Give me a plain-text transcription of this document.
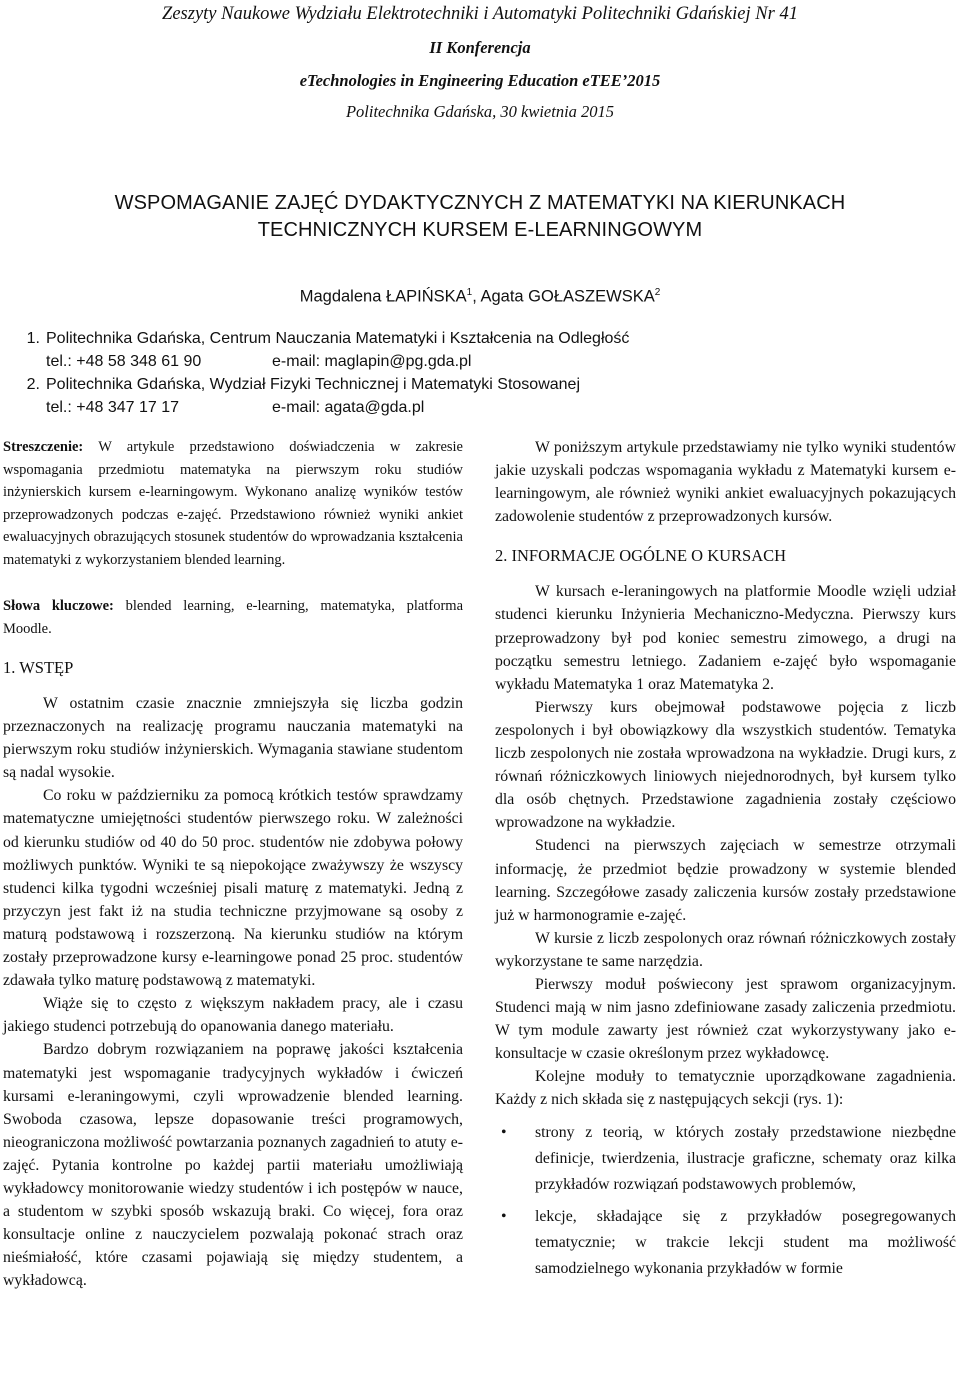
Zeszyty Naukowe Wydziału Elektrotechniki i Automatyki Politechniki Gdańskiej Nr 41
II Konferencja
eTechnologies in Engineering Education eTEE’2015
Politechnika Gdańska, 30 kwietnia 2015
WSPOMAGANIE ZAJĘĆ DYDAKTYCZNYCH Z MATEMATYKI NA KIERUNKACH
TECHNICZNYCH KURSEM E-LEARNINGOWYM
Magdalena ŁAPIŃSKA$^1$, Agata GOŁASZEWSKA$^2$
1. Politechnika Gdańska, Centrum Nauczania Matematyki i Kształcenia na Odległość
tel.: +48 58 348 61 90	e-mail: maglapin@pg.gda.pl
2. Politechnika Gdańska, Wydział Fizyki Technicznej i Matematyki Stosowanej
tel.: +48 347 17 17	e-mail: agata@gda.pl

Streszczenie: W artykule przedstawiono doświadczenia w zakresie wspomagania przedmiotu matematyka na pierwszym roku studiów inżynierskich kursem e-learningowym. Wykonano analizę wyników testów przeprowadzonych podczas e-zajęć. Przedstawiono również wyniki ankiet ewaluacyjnych obrazujących stosunek studentów do wprowadzania kształcenia matematyki z wykorzystaniem blended learning.

Słowa kluczowe: blended learning, e-learning, matematyka, platforma Moodle.

1. WSTĘP

W ostatnim czasie znacznie zmniejszyła się liczba godzin przeznaczonych na realizację programu nauczania matematyki na pierwszym roku studiów inżynierskich. Wymagania stawiane studentom są nadal wysokie.

Co roku w październiku za pomocą krótkich testów sprawdzamy matematyczne umiejętności studentów pierwszego roku. W zależności od kierunku studiów od 40 do 50 proc. studentów nie zdobywa połowy możliwych punktów. Wyniki te są niepokojące zważywszy że wszyscy studenci kilka tygodni wcześniej pisali maturę z matematyki. Jedną z przyczyn jest fakt iż na studia techniczne przyjmowane są osoby z maturą podstawową i rozszerzoną. Na kierunku studiów na którym zostały przeprowadzone kursy e-learningowe ponad 25 proc. studentów zdawała tylko maturę podstawową z matematyki.

Wiąże się to często z większym nakładem pracy, ale i czasu jakiego studenci potrzebują do opanowania danego materiału.

Bardzo dobrym rozwiązaniem na poprawę jakości kształcenia matematyki jest wspomaganie tradycyjnych wykładów i ćwiczeń kursami e-leraningowymi, czyli wprowadzenie blended learning. Swoboda czasowa, lepsze dopasowanie treści programowych, nieograniczona możliwość powtarzania poznanych zagadnień to atuty e-zajęć. Pytania kontrolne po każdej partii materiału umożliwiają wykładowcy monitorowanie wiedzy studentów i ich postępów w nauce, a studentom w szybki sposób wskazują braki. Co więcej, fora oraz konsultacje online z nauczycielem pozwalają pokonać strach oraz nieśmiałość, które czasami pojawiają się między studentem, a wykładowcą.

W poniższym artykule przedstawiamy nie tylko wyniki studentów jakie uzyskali podczas wspomagania wykładu z Matematyki kursem e-learningowym, ale również wyniki ankiet ewaluacyjnych pokazujących zadowolenie studentów z przeprowadzonych kursów.

2. INFORMACJE OGÓLNE O KURSACH

W kursach e-leraningowych na platformie Moodle wzięli udział studenci kierunku Inżynieria Mechaniczno-Medyczna. Pierwszy kurs przeprowadzony był pod koniec semestru zimowego, a drugi na początku semestru letniego. Zadaniem e-zajęć było wspomaganie wykładu Matematyka 1 oraz Matematyka 2.

Pierwszy kurs obejmował podstawowe pojęcia z liczb zespolonych i był obowiązkowy dla wszystkich studentów. Tematyka liczb zespolonych nie została wprowadzona na wykładzie. Drugi kurs, z równań różniczkowych liniowych niejednorodnych, był kursem tylko dla osób chętnych. Przedstawione zagadnienia zostały częściowo wprowadzone na wykładzie.

Studenci na pierwszych zajęciach w semestrze otrzymali informację, że przedmiot będzie prowadzony w systemie blended learning. Szczegółowe zasady zaliczenia kursów zostały przedstawione już w harmonogramie e-zajęć.

W kursie z liczb zespolonych oraz równań różniczkowych zostały wykorzystane te same narzędzia.

Pierwszy moduł poświecony jest sprawom organizacyjnym. Studenci mają w nim jasno zdefiniowane zasady zaliczenia przedmiotu. W tym module zawarty jest również czat wykorzystywany jako e-konsultacje w czasie określonym przez wykładowcę.

Kolejne moduły to tematycznie uporządkowane zagadnienia. Każdy z nich składa się z następujących sekcji (rys. 1):

• strony z teorią, w których zostały przedstawione niezbędne definicje, twierdzenia, ilustracje graficzne, schematy oraz kilka przykładów rozwiązań podstawowych problemów,
• lekcje, składające się z przykładów posegregowanych tematycznie; w trakcie lekcji student ma możliwość samodzielnego wykonania przykładów w formie
